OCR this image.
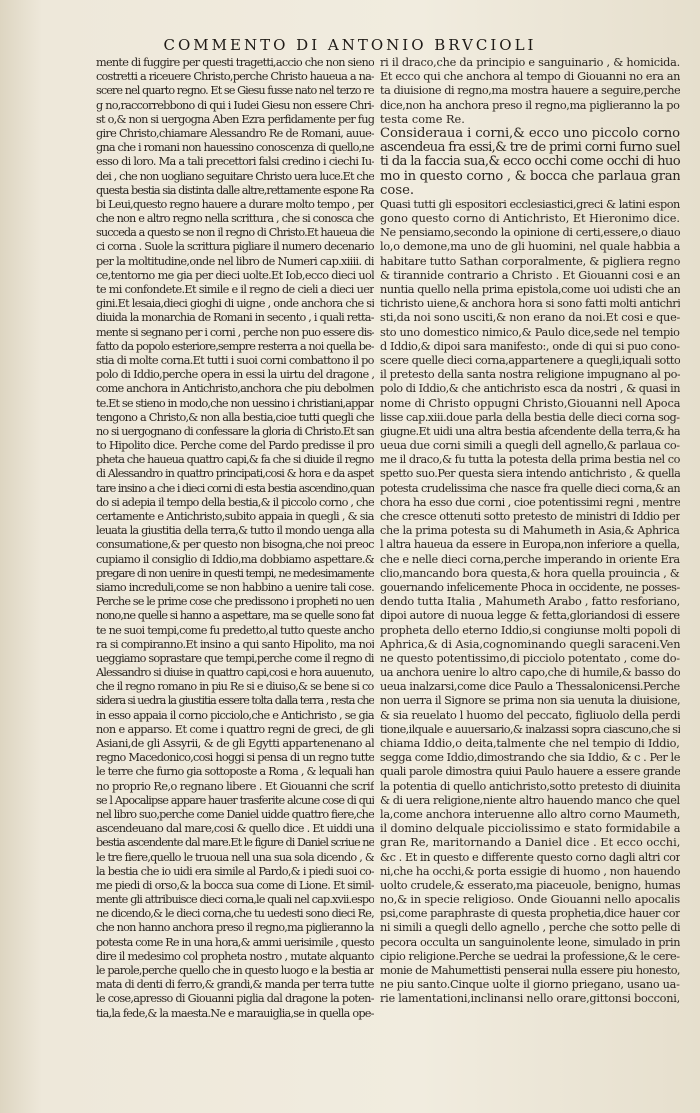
COMMENTO DI ANTONIO BRVCIOLI
mente di fuggire per questi tragetti,accio che non sieno
costretti a riceuere Christo,perche Christo haueua a na-
scere nel quarto regno. Et se Giesu fusse nato nel terzo re
g no,raccorrebbono di qui i Iudei Giesu non essere Chri-
st o,& non si uergogna Aben Ezra perfidamente per fug
gire Christo,chiamare Alessandro Re de Romani, auue-
gna che i romani non hauessino conoscenza di quello,ne
esso di loro. Ma a tali precettori falsi credino i ciechi Iu-
dei , che non uogliano seguitare Christo uera luce.Et che
questa bestia sia distinta dalle altre,rettamente espone Ra
bi Leui,questo regno hauere a durare molto tempo , per
che non e altro regno nella scrittura , che si conosca che
succeda a questo se non il regno di Christo.Et haueua die
ci corna . Suole la scrittura pigliare il numero decenario
per la moltitudine,onde nel libro de Numeri cap.xiiii. di
ce,tentorno me gia per dieci uolte.Et Iob,ecco dieci uol
te mi confondete.Et simile e il regno de cieli a dieci uer
gini.Et lesaia,dieci gioghi di uigne , onde anchora che si
diuida la monarchia de Romani in secento , i quali retta-
mente si segnano per i corni , perche non puo essere dis-
fatto da popolo esteriore,sempre resterra a noi quella be-
stia di molte corna.Et tutti i suoi corni combattono il po
polo di Iddio,perche opera in essi la uirtu del dragone ,
come anchora in Antichristo,anchora che piu debolmen
te.Et se stieno in modo,che non uessino i christiani,appar
tengono a Christo,& non alla bestia,cioe tutti quegli che
no si uergognano di confessare la gloria di Christo.Et san
to Hipolito dice. Perche come del Pardo predisse il pro
pheta che haueua quattro capi,& fa che si diuide il regno
di Alessandro in quattro principati,cosi & hora e da aspet
tare insino a che i dieci corni di esta bestia ascendino,quan
do si adepia il tempo della bestia,& il piccolo corno , che
certamente e Antichristo,subito appaia in quegli , & sia
leuata la giustitia della terra,& tutto il mondo uenga alla
consumatione,& per questo non bisogna,che noi preoc
cupiamo il consiglio di Iddio,ma dobbiamo aspettare.&
pregare di non uenire in questi tempi, ne medesimamente
siamo increduli,come se non habbino a uenire tali cose.
Perche se le prime cose che predissono i propheti no uen
nono,ne quelle si hanno a aspettare, ma se quelle sono fat
te ne suoi tempi,come fu predetto,al tutto queste ancho
ra si compiranno.Et insino a qui santo Hipolito, ma noi
ueggiamo soprastare que tempi,perche come il regno di
Alessandro si diuise in quattro capi,cosi e hora auuenuto,
che il regno romano in piu Re si e diuiso,& se bene si co
sidera si uedra la giustitia essere tolta dalla terra , resta che
in esso appaia il corno picciolo,che e Antichristo , se gia
non e apparso. Et come i quattro regni de greci, de gli
Asiani,de gli Assyrii, & de gli Egytti appartenenano al
regno Macedonico,cosi hoggi si pensa di un regno tutte
le terre che furno gia sottoposte a Roma , & lequali han
no proprio Re,o regnano libere . Et Giouanni che scrif
se l Apocalipse appare hauer trasferite alcune cose di qui
nel libro suo,perche come Daniel uidde quattro fiere,che
ascendeuano dal mare,cosi & quello dice . Et uiddi una
bestia ascendente dal mare.Et le figure di Daniel scriue ne
le tre fiere,quello le truoua nell una sua sola dicendo , &
la bestia che io uidi era simile al Pardo,& i piedi suoi co-
me piedi di orso,& la bocca sua come di Lione. Et simil-
mente gli attribuisce dieci corna,le quali nel cap.xvii.espo
ne dicendo,& le dieci corna,che tu uedesti sono dieci Re,
che non hanno anchora preso il regno,ma piglieranno la
potesta come Re in una hora,& ammi uerisimile , questo
dire il medesimo col propheta nostro , mutate alquanto
le parole,perche quello che in questo luogo e la bestia ar
mata di denti di ferro,& grandi,& manda per terra tutte
le cose,apresso di Giouanni piglia dal dragone la poten-
tia,la fede,& la maesta.Ne e marauiglia,se in quella ope-
ri il draco,che da principio e sanguinario , & homicida.
Et ecco qui che anchora al tempo di Giouanni no era an
ta diuisione di regno,ma mostra hauere a seguire,perche
dice,non ha anchora preso il regno,ma piglieranno la po
testa come Re.
Consideraua i corni,& ecco uno piccolo corno
ascendeua fra essi,& tre de primi corni furno suel
ti da la faccia sua,& ecco occhi come occhi di huo
mo in questo corno , & bocca che parlaua gran
cose.
Quasi tutti gli espositori ecclesiastici,greci & latini espon
gono questo corno di Antichristo, Et Hieronimo dice.
Ne pensiamo,secondo la opinione di certi,essere,o diauo
lo,o demone,ma uno de gli huomini, nel quale habbia a
habitare tutto Sathan corporalmente, & pigliera regno
& tirannide contrario a Christo . Et Giouanni cosi e an
nuntia quello nella prima epistola,come uoi udisti che an
tichristo uiene,& anchora hora si sono fatti molti antichri
sti,da noi sono usciti,& non erano da noi.Et cosi e que-
sto uno domestico nimico,& Paulo dice,sede nel tempio
d Iddio,& dipoi sara manifesto:, onde di qui si puo cono-
scere quelle dieci corna,appartenere a quegli,iquali sotto
il pretesto della santa nostra religione impugnano al po-
polo di Iddio,& che antichristo esca da nostri , & quasi in
nome di Christo oppugni Christo,Giouanni nell Apoca
lisse cap.xiii.doue parla della bestia delle dieci corna sog-
giugne.Et uidi una altra bestia afcendente della terra,& ha
ueua due corni simili a quegli dell agnello,& parlaua co-
me il draco,& fu tutta la potesta della prima bestia nel co
spetto suo.Per questa siera intendo antichristo , & quella
potesta crudelissima che nasce fra quelle dieci corna,& an
chora ha esso due corni , cioe potentissimi regni , mentre
che cresce ottenuti sotto pretesto de ministri di Iddio per
che la prima potesta su di Mahumeth in Asia,& Aphrica
l altra haueua da essere in Europa,non inferiore a quella,
che e nelle dieci corna,perche imperando in oriente Era
clio,mancando bora questa,& hora quella prouincia , &
gouernando infelicemente Phoca in occidente, ne posses-
dendo tutta Italia , Mahumeth Arabo , fatto resforiano,
dipoi autore di nuoua legge & fetta,gloriandosi di essere
propheta dello eterno Iddio,si congiunse molti popoli di
Aphrica,& di Asia,cognominando quegli saraceni.Ven
ne questo potentissimo,di picciolo potentato , come do-
ua anchora uenire lo altro capo,che di humile,& basso do
ueua inalzarsi,come dice Paulo a Thessalonicensi.Perche
non uerra il Signore se prima non sia uenuta la diuisione,
& sia reuelato l huomo del peccato, figliuolo della perdi
tione,ilquale e auuersario,& inalzassi sopra ciascuno,che si
chiama Iddio,o deita,talmente che nel tempio di Iddio,
segga come Iddio,dimostrando che sia Iddio, & c . Per le
quali parole dimostra quiui Paulo hauere a essere grande
la potentia di quello antichristo,sotto pretesto di diuinita
& di uera religione,niente altro hauendo manco che quel
la,come anchora interuenne allo altro corno Maumeth,
il domino delquale picciolissimo e stato formidabile a
gran Re, maritornando a Daniel dice . Et ecco occhi,
&c . Et in questo e differente questo corno dagli altri cor
ni,che ha occhi,& porta essigie di huomo , non hauendo
uolto crudele,& esserato,ma piaceuole, benigno, humas
no,& in specie religioso. Onde Giouanni nello apocalis
psi,come paraphraste di questa prophetia,dice hauer cor
ni simili a quegli dello agnello , perche che sotto pelle di
pecora occulta un sanguinolente leone, simulado in prin
cipio religione.Perche se uedrai la professione,& le cere-
monie de Mahumettisti penserai nulla essere piu honesto,
ne piu santo.Cinque uolte il giorno priegano, usano ua-
rie lamentationi,inclinansi nello orare,gittonsi bocconi,
